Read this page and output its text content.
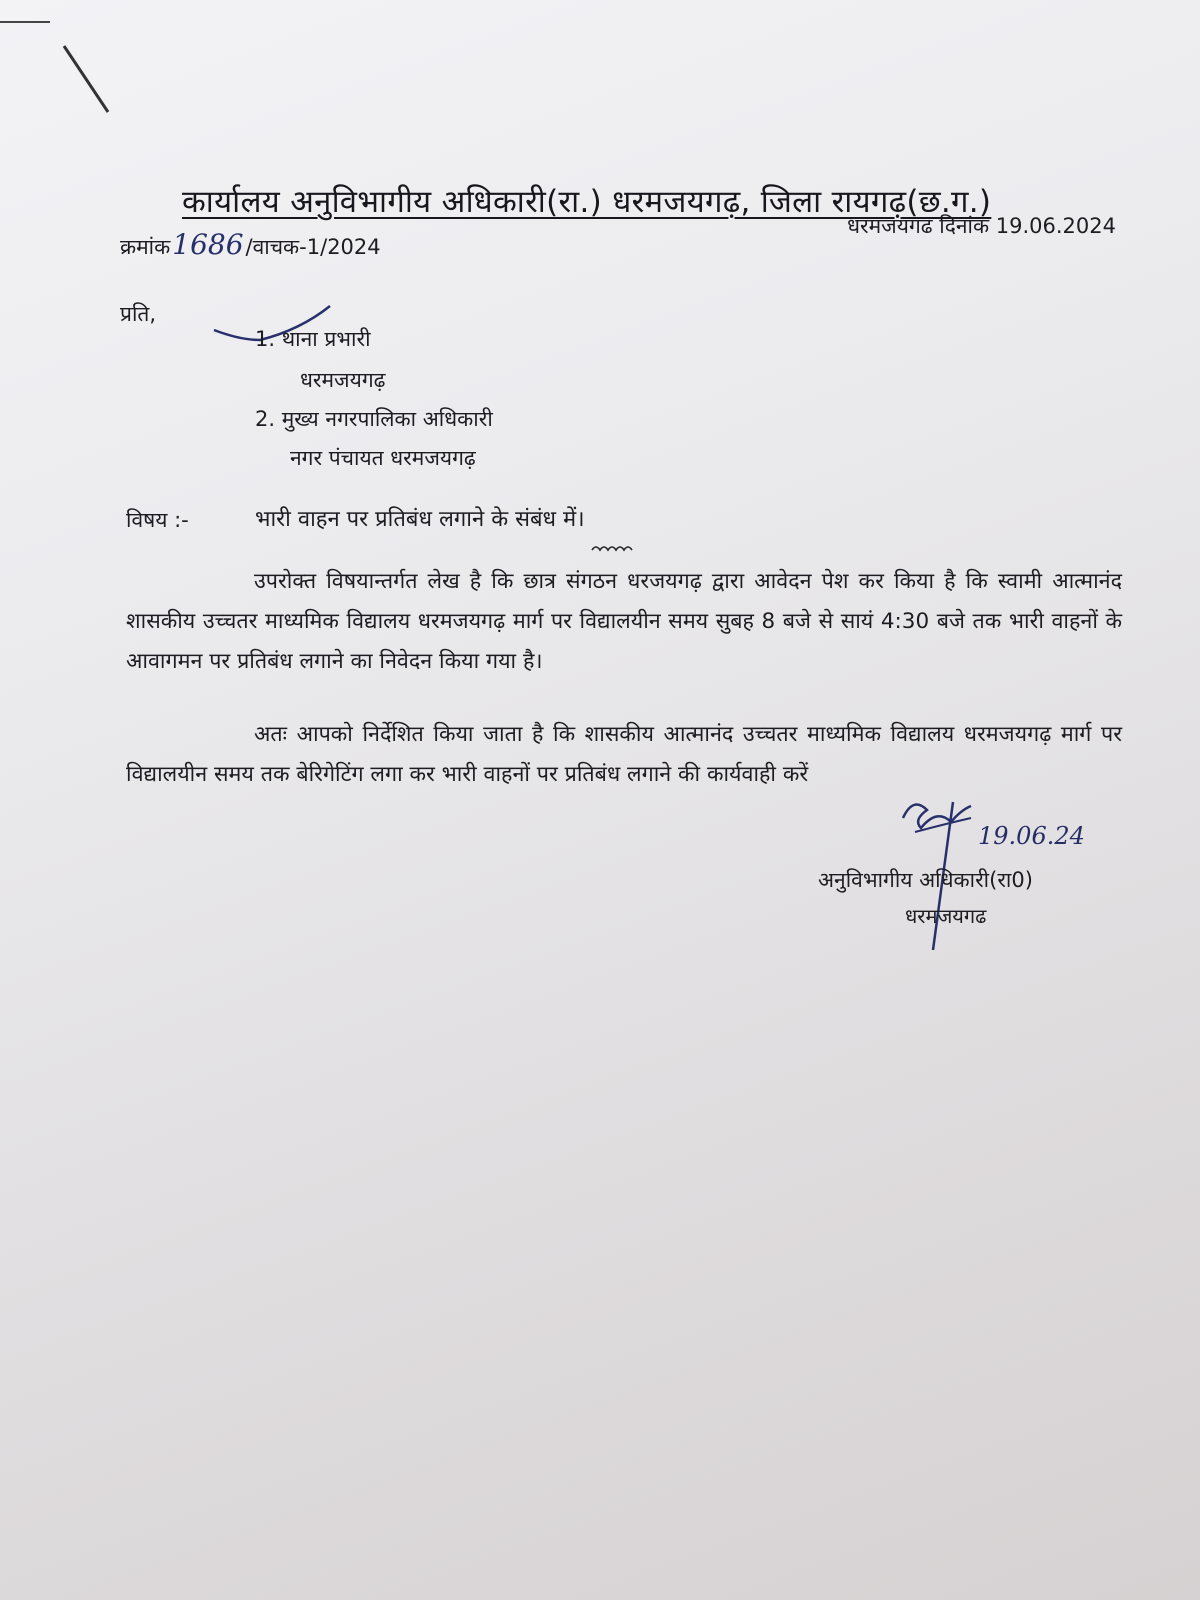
कार्यालय अनुविभागीय अधिकारी(रा.) धरमजयगढ़, जिला रायगढ़(छ.ग.)
क्रमांक1686/वाचक-1/2024
धरमजयगढ दिनांक 19.06.2024
प्रति,
1. थाना प्रभारी
धरमजयगढ़
2. मुख्य नगरपालिका अधिकारी
नगर पंचायत धरमजयगढ़
विषय :-	भारी वाहन पर प्रतिबंध लगाने के संबंध में।
उपरोक्त विषयान्तर्गत लेख है कि छात्र संगठन धरजयगढ़ द्वारा आवेदन पेश कर किया है कि स्वामी आत्मानंद शासकीय उच्चतर माध्यमिक विद्यालय धरमजयगढ़ मार्ग पर विद्यालयीन समय सुबह 8 बजे से सायं 4:30 बजे तक भारी वाहनों के आवागमन पर प्रतिबंध लगाने का निवेदन किया गया है।
अतः आपको निर्देशित किया जाता है कि शासकीय आत्मानंद उच्चतर माध्यमिक विद्यालय धरमजयगढ़ मार्ग पर विद्यालयीन समय तक बेरिगेटिंग लगा कर भारी वाहनों पर प्रतिबंध लगाने की कार्यवाही करें
19.06.24
अनुविभागीय अधिकारी(रा0)
धरमजयगढ
